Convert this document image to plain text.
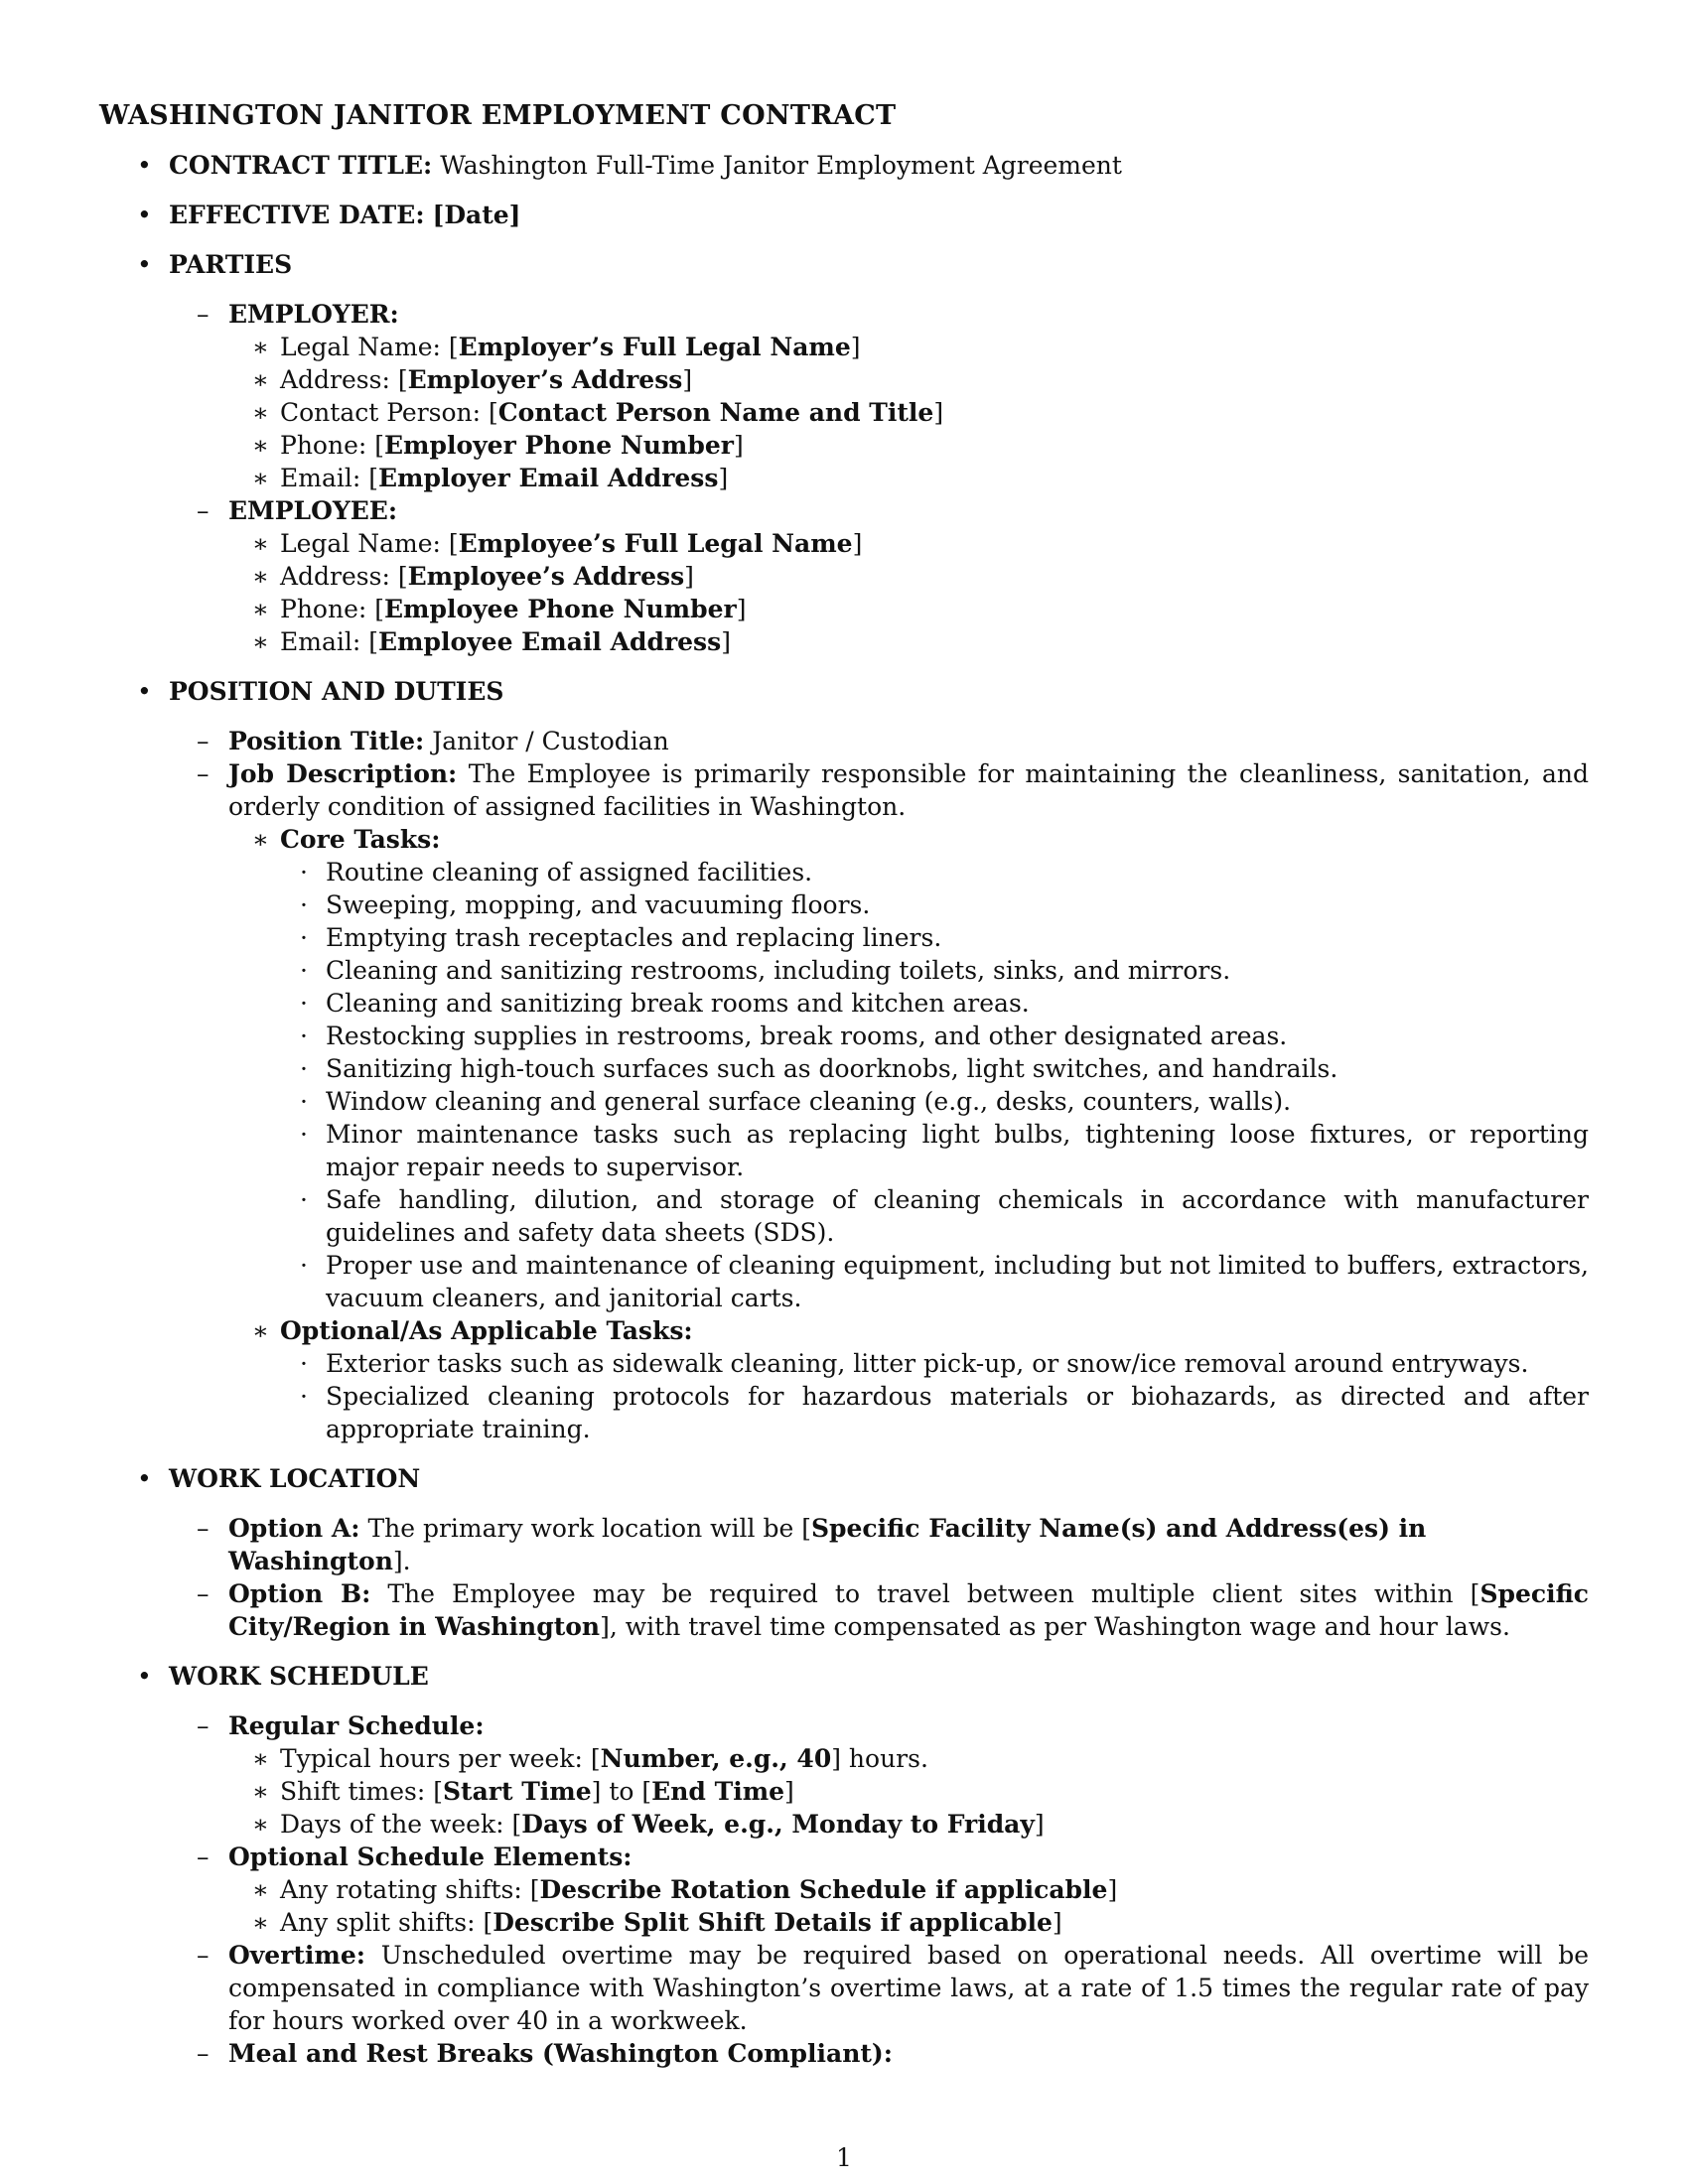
WASHINGTON JANITOR EMPLOYMENT CONTRACT
• CONTRACT TITLE: Washington Full-Time Janitor Employment Agreement
• EFFECTIVE DATE: [Date]
• PARTIES
– EMPLOYER:
∗ Legal Name: [Employer’s Full Legal Name]
∗ Address: [Employer’s Address]
∗ Contact Person: [Contact Person Name and Title]
∗ Phone: [Employer Phone Number]
∗ Email: [Employer Email Address]
– EMPLOYEE:
∗ Legal Name: [Employee’s Full Legal Name]
∗ Address: [Employee’s Address]
∗ Phone: [Employee Phone Number]
∗ Email: [Employee Email Address]
• POSITION AND DUTIES
– Position Title: Janitor / Custodian
– Job Description: The Employee is primarily responsible for maintaining the cleanliness, sanitation, and orderly condition of assigned facilities in Washington.
∗ Core Tasks:
· Routine cleaning of assigned facilities.
· Sweeping, mopping, and vacuuming floors.
· Emptying trash receptacles and replacing liners.
· Cleaning and sanitizing restrooms, including toilets, sinks, and mirrors.
· Cleaning and sanitizing break rooms and kitchen areas.
· Restocking supplies in restrooms, break rooms, and other designated areas.
· Sanitizing high-touch surfaces such as doorknobs, light switches, and handrails.
· Window cleaning and general surface cleaning (e.g., desks, counters, walls).
· Minor maintenance tasks such as replacing light bulbs, tightening loose fixtures, or reporting major repair needs to supervisor.
· Safe handling, dilution, and storage of cleaning chemicals in accordance with manufacturer guidelines and safety data sheets (SDS).
· Proper use and maintenance of cleaning equipment, including but not limited to buffers, extractors, vacuum cleaners, and janitorial carts.
∗ Optional/As Applicable Tasks:
· Exterior tasks such as sidewalk cleaning, litter pick-up, or snow/ice removal around entryways.
· Specialized cleaning protocols for hazardous materials or biohazards, as directed and after appropriate training.
• WORK LOCATION
– Option A: The primary work location will be [Specific Facility Name(s) and Address(es) in Washington].
– Option B: The Employee may be required to travel between multiple client sites within [Specific City/Region in Washington], with travel time compensated as per Washington wage and hour laws.
• WORK SCHEDULE
– Regular Schedule:
∗ Typical hours per week: [Number, e.g., 40] hours.
∗ Shift times: [Start Time] to [End Time]
∗ Days of the week: [Days of Week, e.g., Monday to Friday]
– Optional Schedule Elements:
∗ Any rotating shifts: [Describe Rotation Schedule if applicable]
∗ Any split shifts: [Describe Split Shift Details if applicable]
– Overtime: Unscheduled overtime may be required based on operational needs. All overtime will be compensated in compliance with Washington’s overtime laws, at a rate of 1.5 times the regular rate of pay for hours worked over 40 in a workweek.
– Meal and Rest Breaks (Washington Compliant):
1
